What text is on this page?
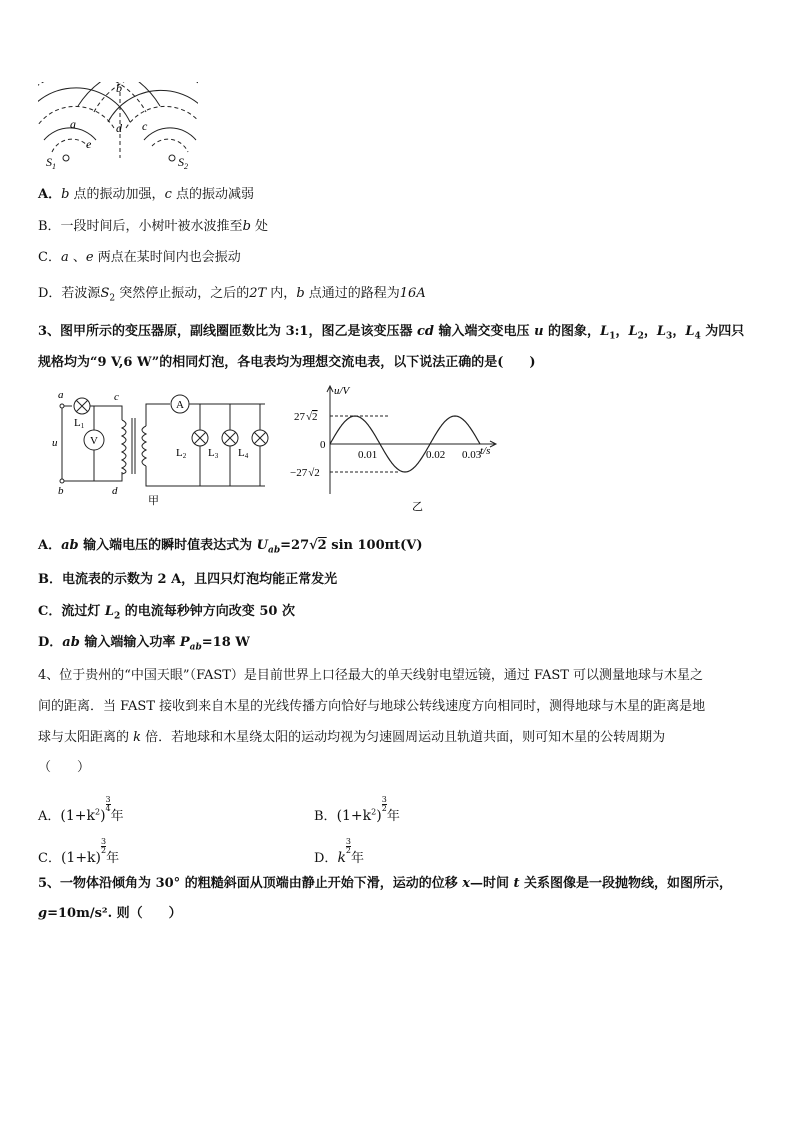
b
a	d c
e
$S_1$	$S_2$
A．b 点的振动加强，c 点的振动减弱
B．一段时间后，小树叶被水波推至b 处
C．a 、e 两点在某时间内也会振动
D．若波源$S_2$ 突然停止振动，之后的2T 内，b 点通过的路程为16A
3、图甲所示的变压器原，副线圈匝数比为 3:1，图乙是该变压器 cd 输入端交变电压 u 的图象，$L_1$，$L_2$，$L_3$，$L_4$ 为四只
规格均为“9 V,6 W”的相同灯泡，各电表均为理想交流电表，以下说法正确的是(　　)
a
b
u
c
d
V
A
L1
L2 L3 L4
甲
u/V
27√2
−27√2
0
0.01	0.02 0.03
t/s
乙
A．ab 输入端电压的瞬时值表达式为 $U_{ab}=27√2$ sin 100πt(V)
B．电流表的示数为 2 A，且四只灯泡均能正常发光
C．流过灯 $L_2$ 的电流每秒钟方向改变 50 次
D．ab 输入端输入功率 $P_{ab}=18$ W
4、位于贵州的“中国天眼”（FAST）是目前世界上口径最大的单天线射电望远镜，通过 FAST 可以测量地球与木星之
间的距离．当 FAST 接收到来自木星的光线传播方向恰好与地球公转线速度方向相同时，测得地球与木星的距离是地
球与太阳距离的 k 倍．若地球和木星绕太阳的运动均视为匀速圆周运动且轨道共面，则可知木星的公转周期为
（　　）
A．$(1+k^2)$
$\frac{3}{4}$
年	B．$(1+k^2)$
$\frac{3}{2}$
年
C．(1+k)
$\frac{3}{2}$
年	D．k
$\frac{3}{2}$
年
5、一物体沿倾角为 30° 的粗糙斜面从顶端由静止开始下滑，运动的位移 x—时间 t 关系图像是一段抛物线，如图所示，
g=10m/s². 则（　　）
